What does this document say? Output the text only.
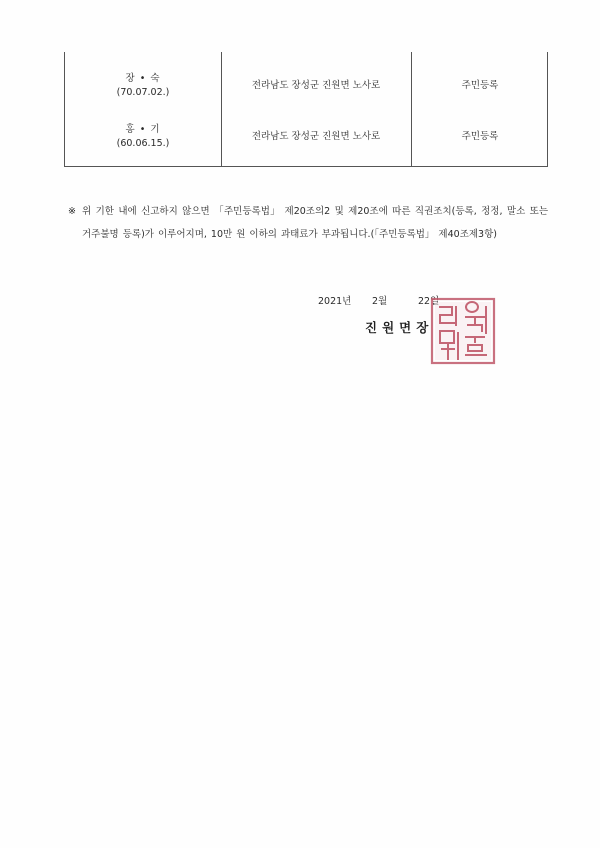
장 • 숙
(70.07.02.)
전라남도 장성군 진원면 노사로	주민등록
홍 • 기
(60.06.15.)
전라남도 장성군 진원면 노사로	주민등록
※ 위 기한 내에 신고하지 않으면 「주민등록법」 제20조의2 및 제20조에 따른 직권조치(등록, 정정, 말소 또는 거주불명 등록)가 이루어지며, 10만 원 이하의 과태료가 부과됩니다.(「주민등록법」 제40조제3항)
2021년 2월	22일
진원면장
